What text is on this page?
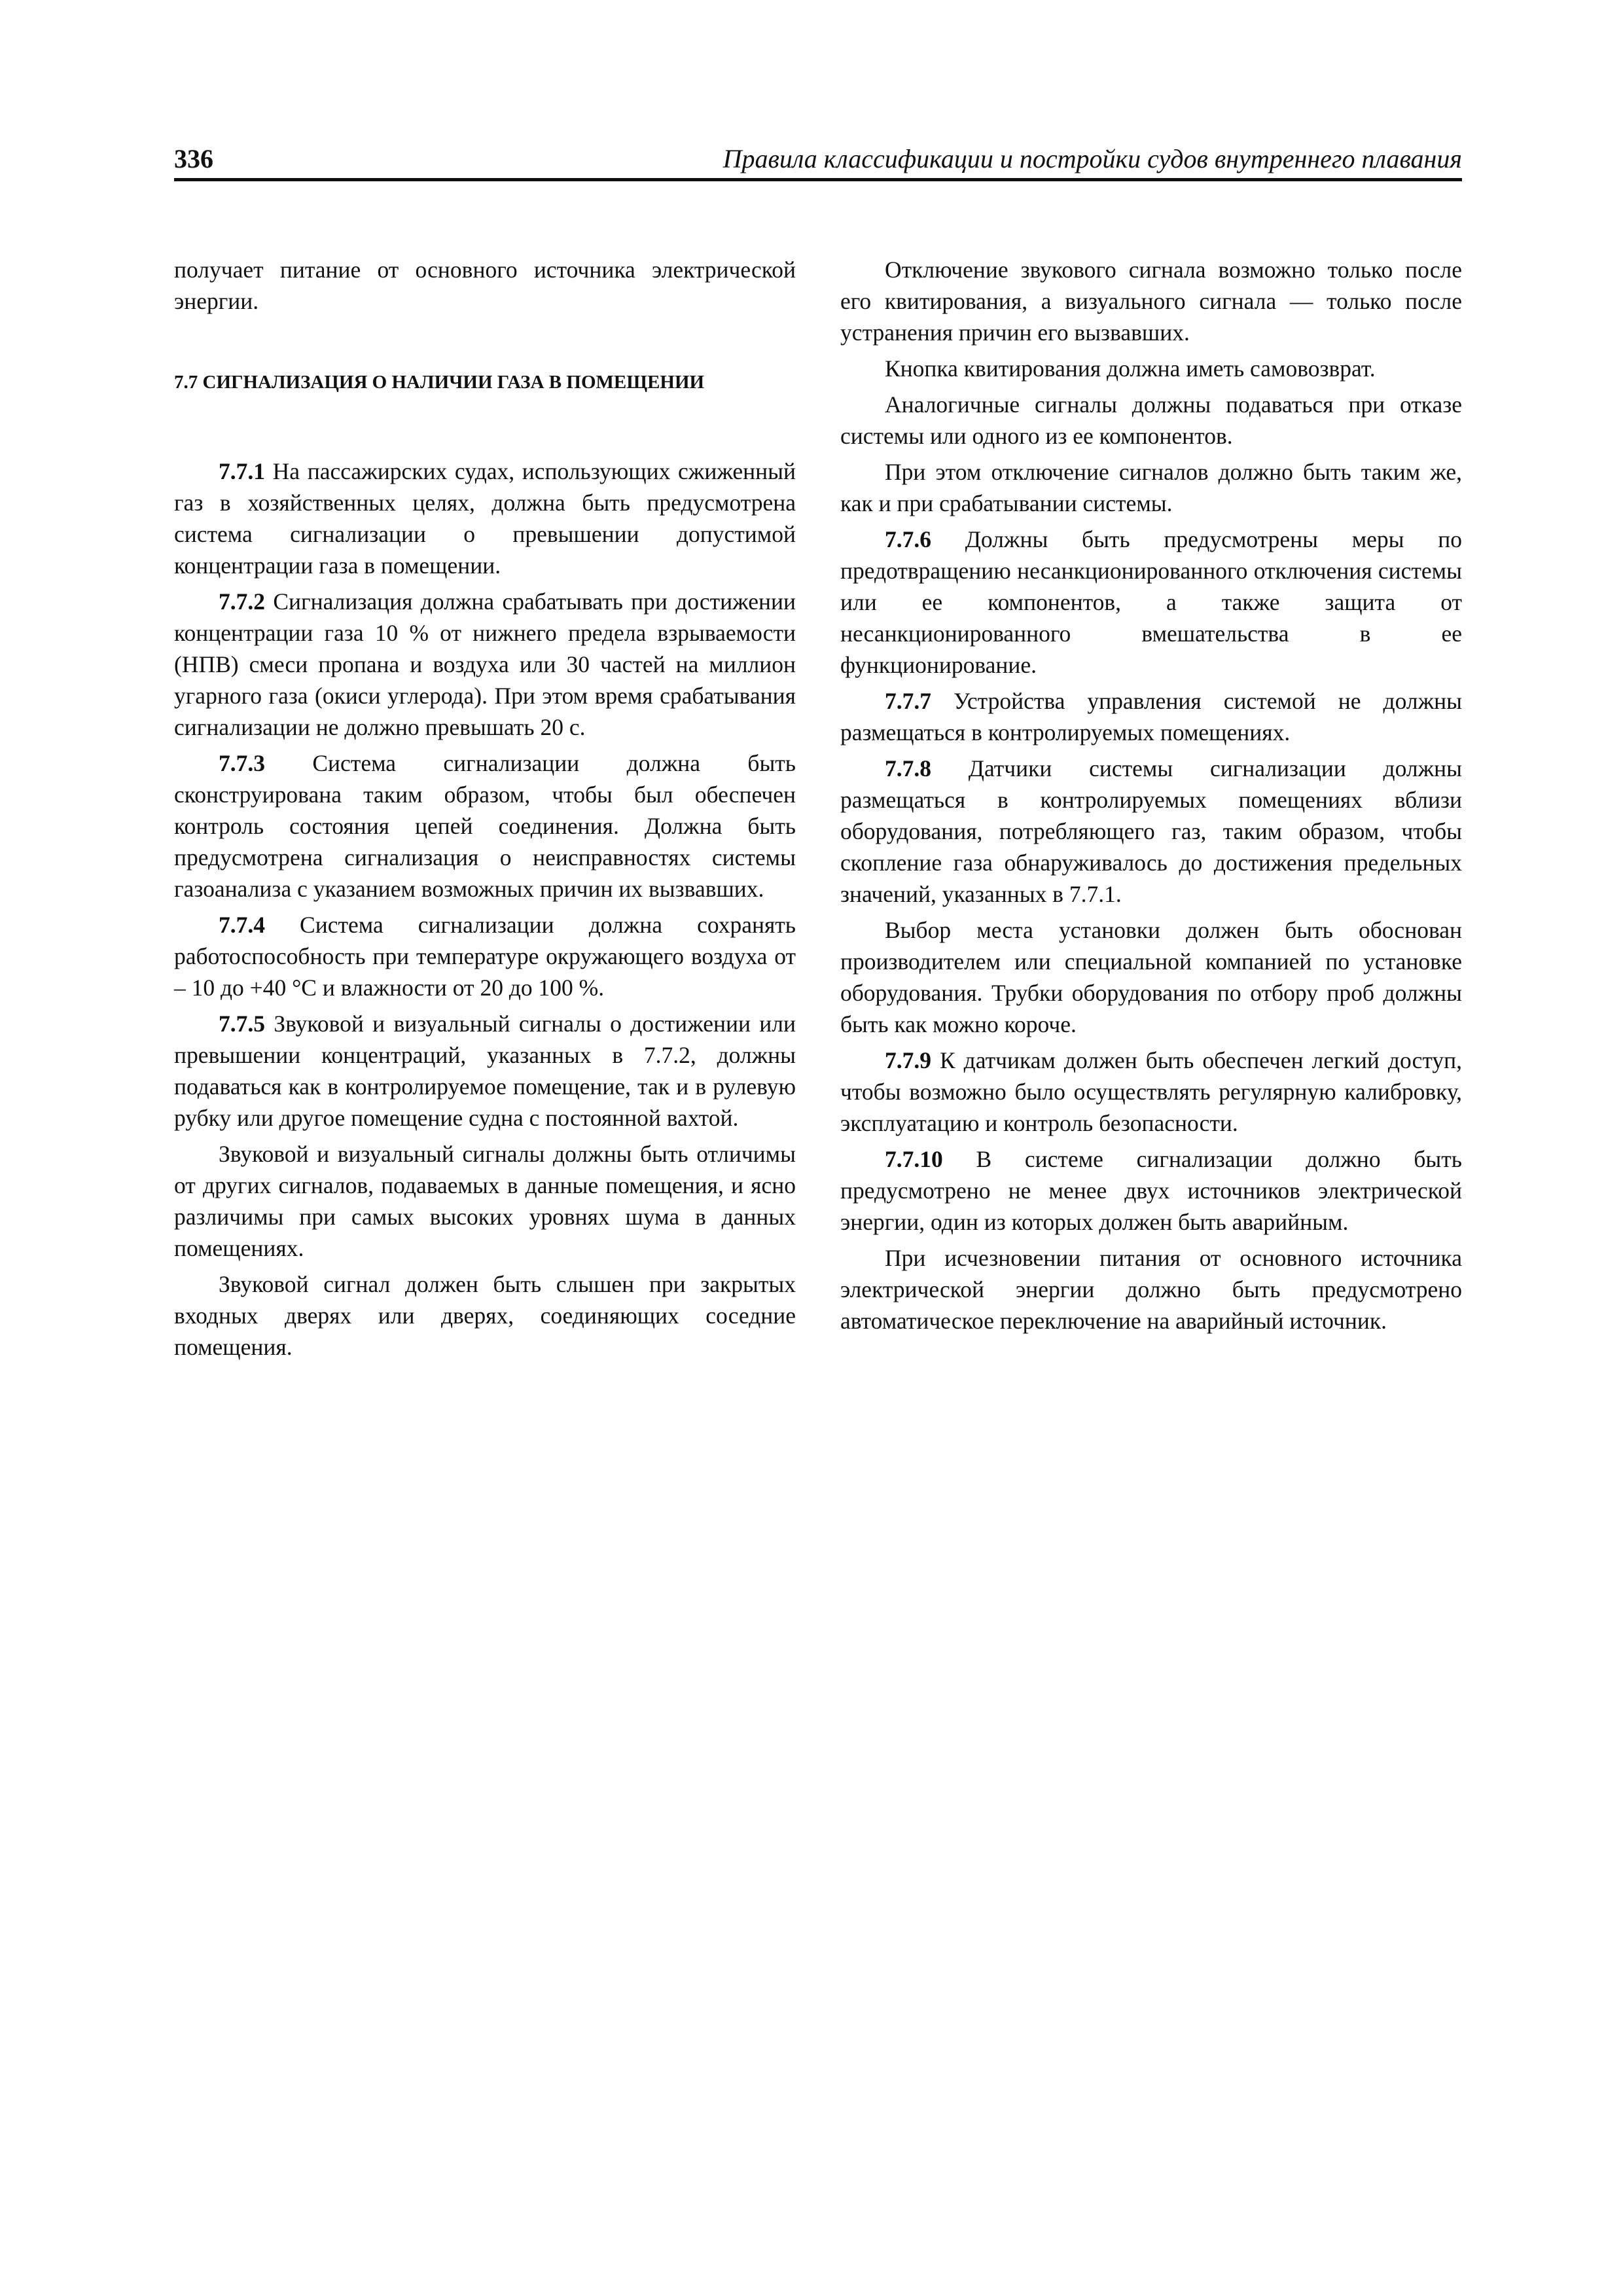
336	Правила классификации и постройки судов внутреннего плавания

получает питание от основного источника электрической энергии.

7.7 СИГНАЛИЗАЦИЯ О НАЛИЧИИ ГАЗА В ПОМЕЩЕНИИ

7.7.1 На пассажирских судах, использующих сжиженный газ в хозяйственных целях, должна быть предусмотрена система сигнализации о превышении допустимой концентрации газа в помещении.

7.7.2 Сигнализация должна срабатывать при достижении концентрации газа 10 % от нижнего предела взрываемости (НПВ) смеси пропана и воздуха или 30 частей на миллион угарного газа (окиси углерода). При этом время срабатывания сигнализации не должно превышать 20 с.

7.7.3 Система сигнализации должна быть сконструирована таким образом, чтобы был обеспечен контроль состояния цепей соединения. Должна быть предусмотрена сигнализация о неисправностях системы газоанализа с указанием возможных причин их вызвавших.

7.7.4 Система сигнализации должна сохранять работоспособность при температуре окружающего воздуха от – 10 до +40 °С и влажности от 20 до 100 %.

7.7.5 Звуковой и визуальный сигналы о достижении или превышении концентраций, указанных в 7.7.2, должны подаваться как в контролируемое помещение, так и в рулевую рубку или другое помещение судна с постоянной вахтой.

Звуковой и визуальный сигналы должны быть отличимы от других сигналов, подаваемых в данные помещения, и ясно различимы при самых высоких уровнях шума в данных помещениях.

Звуковой сигнал должен быть слышен при закрытых входных дверях или дверях, соединяющих соседние помещения.

Отключение звукового сигнала возможно только после его квитирования, а визуального сигнала — только после устранения причин его вызвавших.

Кнопка квитирования должна иметь самовозврат.

Аналогичные сигналы должны подаваться при отказе системы или одного из ее компонентов.

При этом отключение сигналов должно быть таким же, как и при срабатывании системы.

7.7.6 Должны быть предусмотрены меры по предотвращению несанкционированного отключения системы или ее компонентов, а также защита от несанкционированного вмешательства в ее функционирование.

7.7.7 Устройства управления системой не должны размещаться в контролируемых помещениях.

7.7.8 Датчики системы сигнализации должны размещаться в контролируемых помещениях вблизи оборудования, потребляющего газ, таким образом, чтобы скопление газа обнаруживалось до достижения предельных значений, указанных в 7.7.1.

Выбор места установки должен быть обоснован производителем или специальной компанией по установке оборудования. Трубки оборудования по отбору проб должны быть как можно короче.

7.7.9 К датчикам должен быть обеспечен легкий доступ, чтобы возможно было осуществлять регулярную калибровку, эксплуатацию и контроль безопасности.

7.7.10 В системе сигнализации должно быть предусмотрено не менее двух источников электрической энергии, один из которых должен быть аварийным.

При исчезновении питания от основного источника электрической энергии должно быть предусмотрено автоматическое переключение на аварийный источник.
